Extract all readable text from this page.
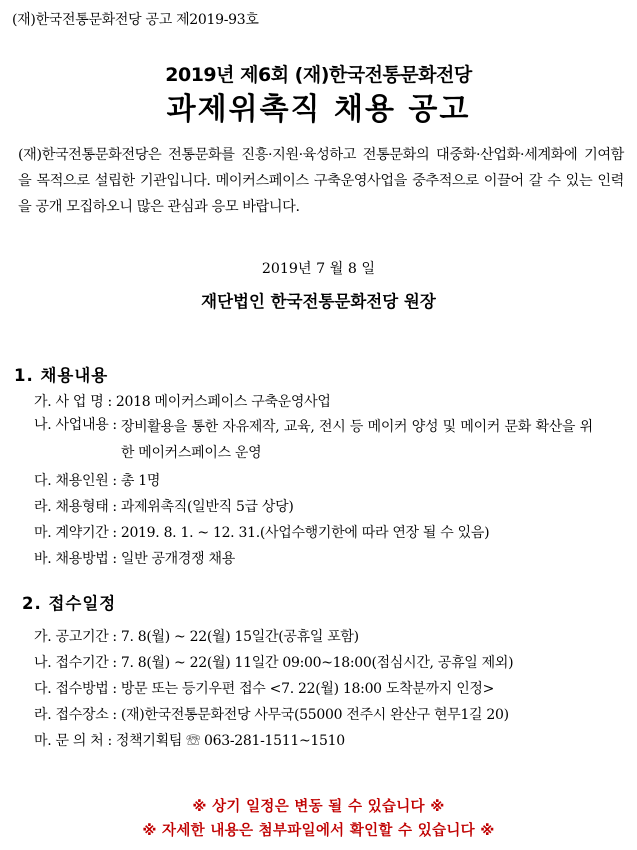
(재)한국전통문화전당 공고 제2019-93호
2019년 제6회 (재)한국전통문화전당
과제위촉직 채용 공고
(재)한국전통문화전당은 전통문화를 진흥·지원·육성하고 전통문화의 대중화·산업화·세계화에 기여함을 목적으로 설립한 기관입니다. 메이커스페이스 구축운영사업을 중추적으로 이끌어 갈 수 있는 인력을 공개 모집하오니 많은 관심과 응모 바랍니다.
2019년 7 월 8 일
재단법인 한국전통문화전당 원장
1. 채용내용
가. 사 업 명 : 2018 메이커스페이스 구축운영사업
나. 사업내용 : 장비활용을 통한 자유제작, 교육, 전시 등 메이커 양성 및 메이커 문화 확산을 위한 메이커스페이스 운영
다. 채용인원 : 총 1명
라. 채용형태 : 과제위촉직(일반직 5급 상당)
마. 계약기간 : 2019. 8. 1. ~ 12. 31.(사업수행기한에 따라 연장 될 수 있음)
바. 채용방법 : 일반 공개경쟁 채용
2. 접수일정
가. 공고기간 : 7. 8(월) ~ 22(월) 15일간(공휴일 포함)
나. 접수기간 : 7. 8(월) ~ 22(월) 11일간 09:00~18:00(점심시간, 공휴일 제외)
다. 접수방법 : 방문 또는 등기우편 접수 <7. 22(월) 18:00 도착분까지 인정>
라. 접수장소 : (재)한국전통문화전당 사무국(55000 전주시 완산구 현무1길 20)
마. 문 의 처 : 정책기획팀 ☏ 063-281-1511~1510
※ 상기 일정은 변동 될 수 있습니다 ※
※ 자세한 내용은 첨부파일에서 확인할 수 있습니다 ※
